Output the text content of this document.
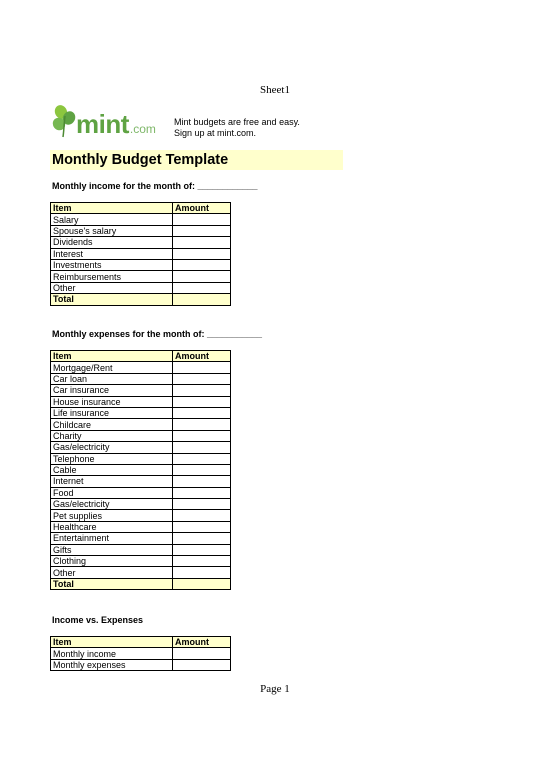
Sheet1
mint.com Mint budgets are free and easy.
Sign up at mint.com.
Monthly Budget Template
Monthly income for the month of: ____________
Item	Amount
Salary	
Spouse's salary	
Dividends	
Interest	
Investments	
Reimbursements	
Other	
Total	
Monthly expenses for the month of: ___________
Item	Amount
Mortgage/Rent	
Car loan	
Car insurance	
House insurance	
Life insurance	
Childcare	
Charity	
Gas/electricity	
Telephone	
Cable	
Internet	
Food	
Gas/electricity	
Pet supplies	
Healthcare	
Entertainment	
Gifts	
Clothing	
Other	
Total	
Income vs. Expenses
Item	Amount
Monthly income	
Monthly expenses	
Page 1
